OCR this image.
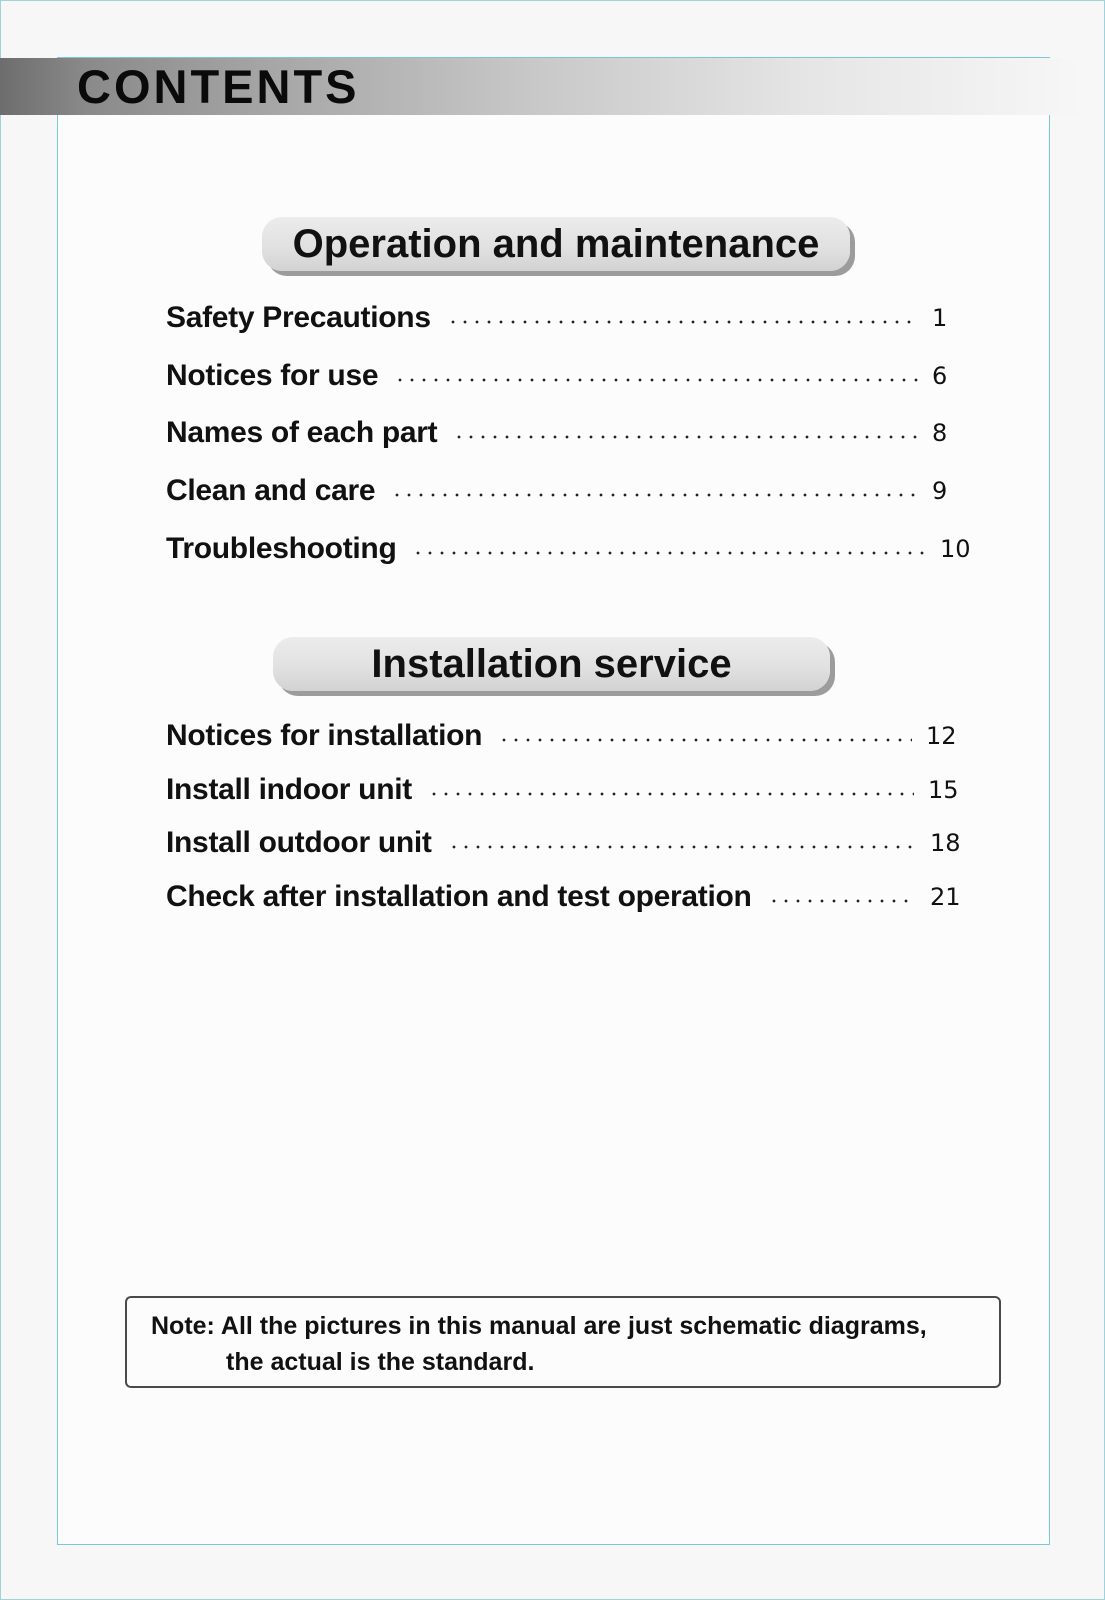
CONTENTS
Operation and maintenance
Safety Precautions	1
Notices for use	6
Names of each part	8
Clean and care	9
Troubleshooting	10
Installation service
Notices for installation	12
Install indoor unit	15
Install outdoor unit	18
Check after installation and test operation	21
Note: All the pictures in this manual are just schematic diagrams,
the actual is the standard.
